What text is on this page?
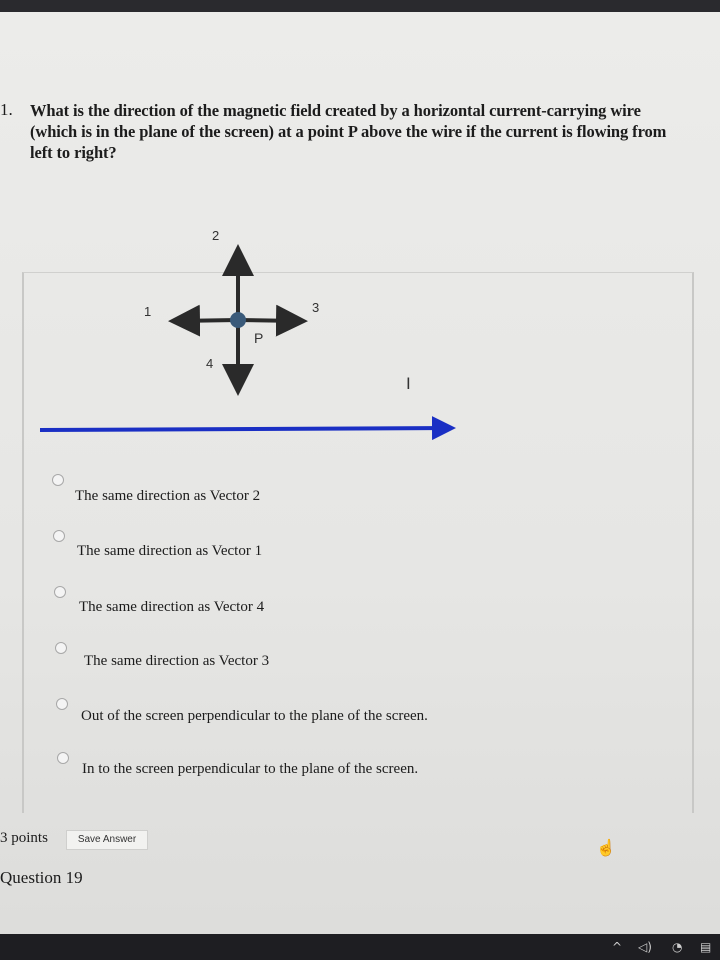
1. What is the direction of the magnetic field created by a horizontal current-carrying wire (which is in the plane of the screen) at a point P above the wire if the current is flowing from left to right?
2
1	3
4
P
I
The same direction as Vector 2
The same direction as Vector 1
The same direction as Vector 4
The same direction as Vector 3
Out of the screen perpendicular to the plane of the screen.
In to the screen perpendicular to the plane of the screen.
3 points	Save Answer
Question 19
☝
^ ◁) ◔ ▤
